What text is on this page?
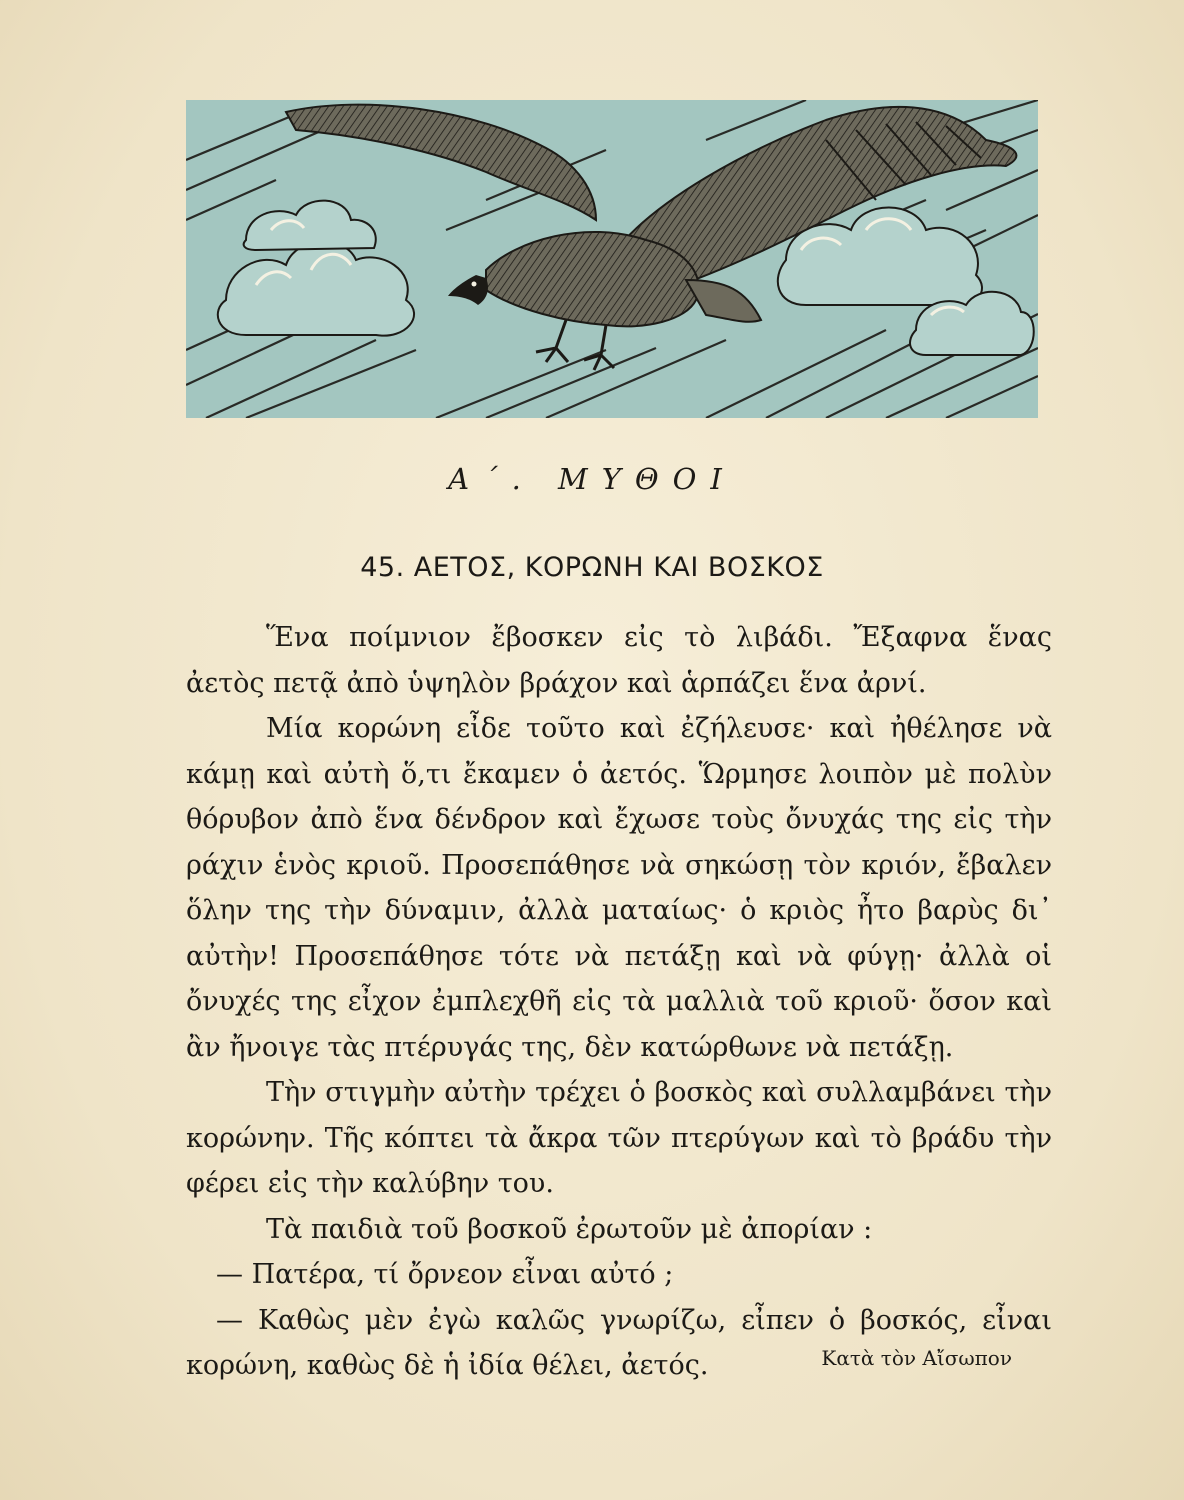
Α΄. ΜΥΘΟΙ
45. ΑΕΤΟΣ, ΚΟΡΩΝΗ ΚΑΙ ΒΟΣΚΟΣ

Ἕνα ποίμνιον ἔβοσκεν εἰς τὸ λιβάδι. Ἔξαφνα ἕνας ἀετὸς πετᾷ ἀπὸ ὑψηλὸν βράχον καὶ ἁρπάζει ἕνα ἀρνί.

Μία κορώνη εἶδε τοῦτο καὶ ἐζήλευσε· καὶ ἠθέλησε νὰ κάμῃ καὶ αὐτὴ ὅ,τι ἔκαμεν ὁ ἀετός. Ὥρμησε λοιπὸν μὲ πολὺν θόρυβον ἀπὸ ἕνα δένδρον καὶ ἔχωσε τοὺς ὄνυχάς της εἰς τὴν ράχιν ἑνὸς κριοῦ. Προσεπάθησε νὰ σηκώσῃ τὸν κριόν, ἔβαλεν ὅλην της τὴν δύναμιν, ἀλλὰ ματαίως· ὁ κριὸς ἦτο βαρὺς δι᾿ αὐτὴν! Προσεπάθησε τότε νὰ πετάξῃ καὶ νὰ φύγῃ· ἀλλὰ οἱ ὄνυχές της εἶχον ἐμπλεχθῆ εἰς τὰ μαλλιὰ τοῦ κριοῦ· ὅσον καὶ ἂν ἤνοιγε τὰς πτέρυγάς της, δὲν κατώρθωνε νὰ πετάξῃ.

Τὴν στιγμὴν αὐτὴν τρέχει ὁ βοσκὸς καὶ συλλαμβάνει τὴν κορώνην. Τῆς κόπτει τὰ ἄκρα τῶν πτερύγων καὶ τὸ βράδυ τὴν φέρει εἰς τὴν καλύβην του.

Τὰ παιδιὰ τοῦ βοσκοῦ ἐρωτοῦν μὲ ἀπορίαν :

— Πατέρα, τί ὄρνεον εἶναι αὐτό ;

— Καθὼς μὲν ἐγὼ καλῶς γνωρίζω, εἶπεν ὁ βοσκός, εἶναι κορώνη, καθὼς δὲ ἡ ἰδία θέλει, ἀετός.	Κατὰ τὸν Αἴσωπον
